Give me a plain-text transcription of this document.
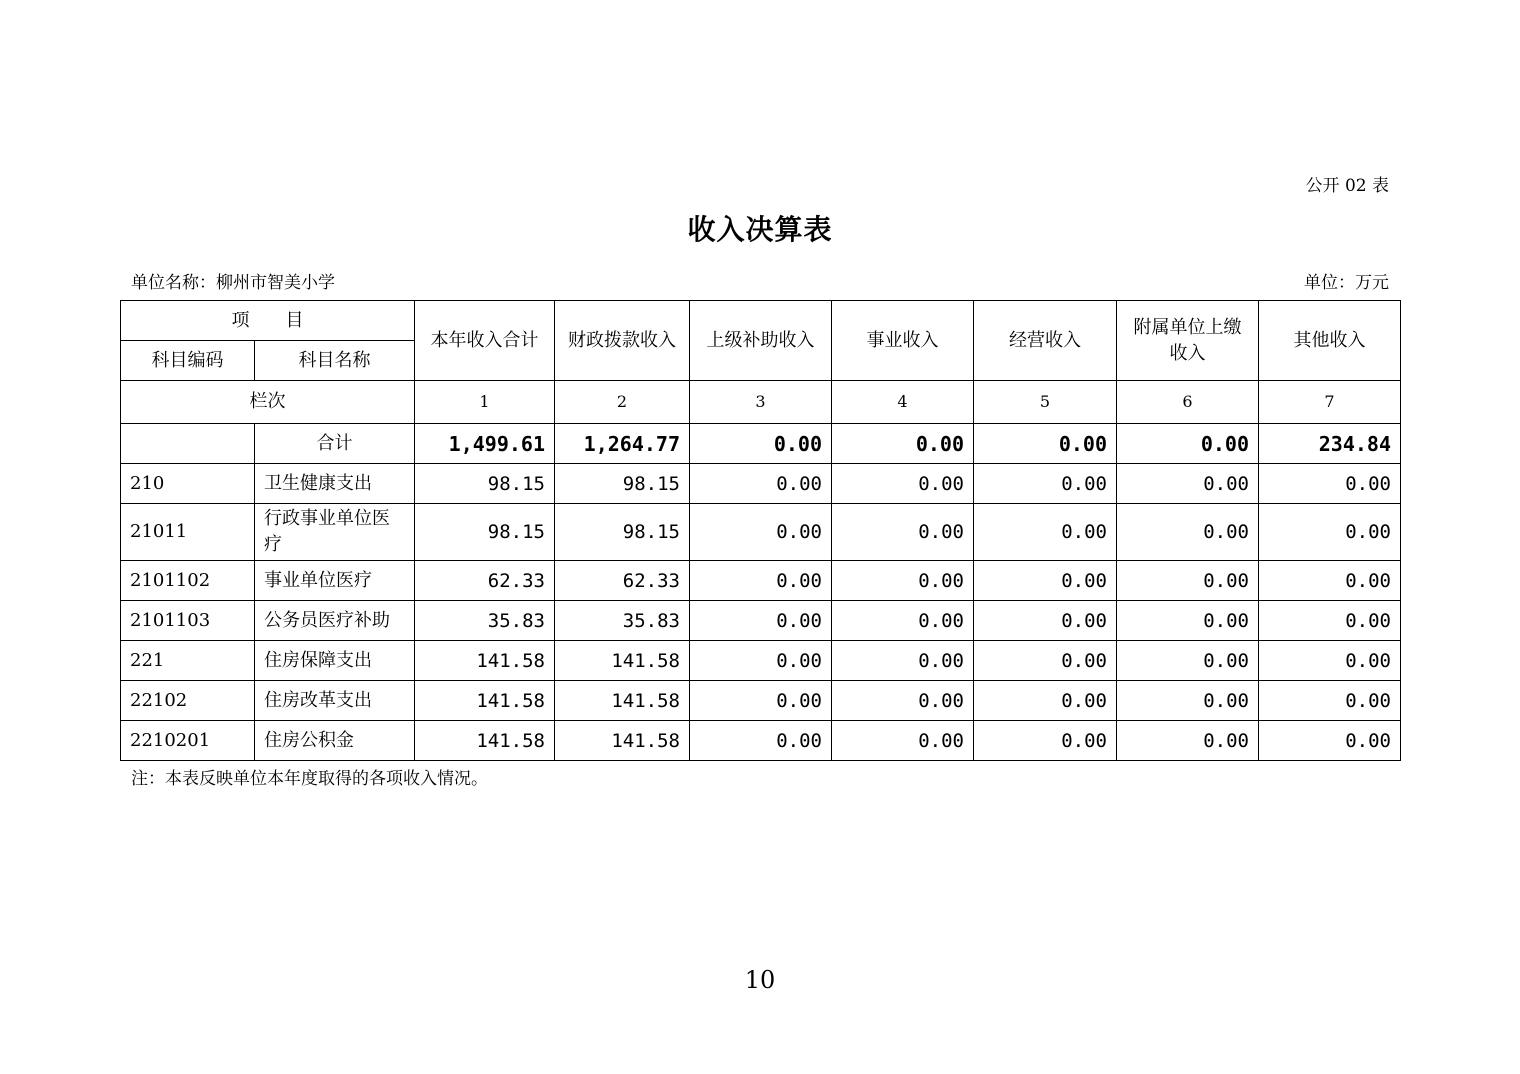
公开 02 表
收入决算表
单位名称：柳州市智美小学	单位：万元
项　　目		本年收入合计	财政拨款收入	上级补助收入	事业收入	经营收入	附属单位上缴收入	其他收入
科目编码	科目名称							
栏次		1	2	3	4	5	6	7
	合计	1,499.61	1,264.77	0.00	0.00	0.00	0.00	234.84
210	卫生健康支出	98.15	98.15	0.00	0.00	0.00	0.00	0.00
21011	行政事业单位医疗	98.15	98.15	0.00	0.00	0.00	0.00	0.00
2101102	事业单位医疗	62.33	62.33	0.00	0.00	0.00	0.00	0.00
2101103	公务员医疗补助	35.83	35.83	0.00	0.00	0.00	0.00	0.00
221	住房保障支出	141.58	141.58	0.00	0.00	0.00	0.00	0.00
22102	住房改革支出	141.58	141.58	0.00	0.00	0.00	0.00	0.00
2210201	住房公积金	141.58	141.58	0.00	0.00	0.00	0.00	0.00
注：本表反映单位本年度取得的各项收入情况。
10
